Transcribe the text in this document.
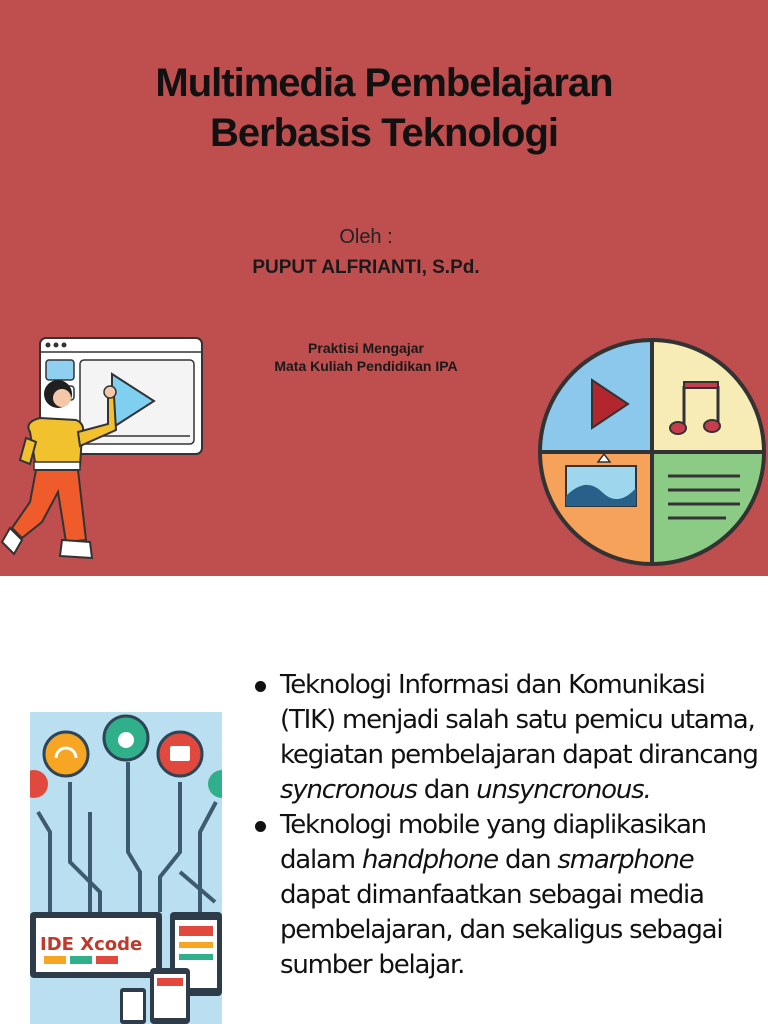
Multimedia Pembelajaran
Berbasis Teknologi
Oleh :
PUPUT ALFRIANTI, S.Pd.
Praktisi Mengajar
Mata Kuliah Pendidikan IPA
IDE Xcode
Teknologi Informasi dan Komunikasi (TIK) menjadi salah satu pemicu utama, kegiatan pembelajaran dapat dirancang syncronous dan unsyncronous.
Teknologi mobile yang diaplikasikan dalam handphone dan smarphone dapat dimanfaatkan sebagai media pembelajaran, dan sekaligus sebagai sumber belajar.
